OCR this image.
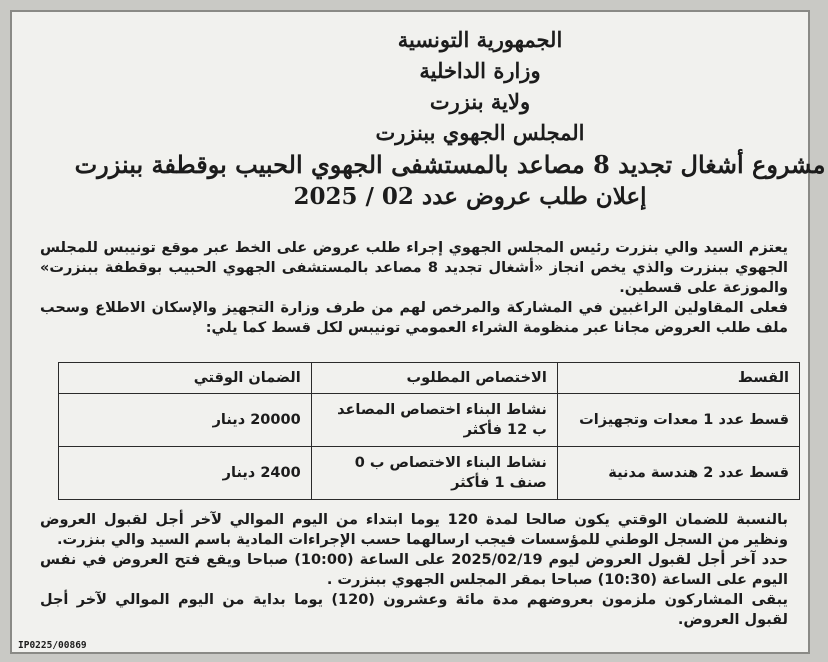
الجمهورية التونسية
وزارة الداخلية
ولاية بنزرت
المجلس الجهوي ببنزرت
مشروع أشغال تجديد 8 مصاعد بالمستشفى الجهوي الحبيب بوقطفة ببنزرت
إعلان طلب عروض عدد 02 / 2025

يعتزم السيد والي بنزرت رئيس المجلس الجهوي إجراء طلب عروض على الخط عبر موقع تونيبس للمجلس الجهوي ببنزرت والذي يخص انجاز «أشغال تجديد 8 مصاعد بالمستشفى الجهوي الحبيب بوقطفة ببنزرت» والموزعة على قسطين.

فعلى المقاولين الراغبين في المشاركة والمرخص لهم من طرف وزارة التجهيز والإسكان الاطلاع وسحب ملف طلب العروض مجانا عبر منظومة الشراء العمومي تونيبس لكل قسط كما يلي:

القسط	الاختصاص المطلوب	الضمان الوقتي
قسط عدد 1 معدات وتجهيزات	نشاط البناء اختصاص المصاعد ب 12 فأكثر	20000 دينار
قسط عدد 2 هندسة مدنية	نشاط البناء الاختصاص ب 0 صنف 1 فأكثر	2400 دينار

بالنسبة للضمان الوقتي يكون صالحا لمدة 120 يوما ابتداء من اليوم الموالي لآخر أجل لقبول العروض ونظير من السجل الوطني للمؤسسات فيجب ارسالهما حسب الإجراءات المادية باسم السيد والي بنزرت.

حدد آخر أجل لقبول العروض ليوم 2025/02/19 على الساعة (10:00) صباحا ويقع فتح العروض في نفس اليوم على الساعة (10:30) صباحا بمقر المجلس الجهوي ببنزرت .

يبقى المشاركون ملزمون بعروضهم مدة مائة وعشرون (120) يوما بداية من اليوم الموالي لآخر أجل لقبول العروض.

IP0225/00869
